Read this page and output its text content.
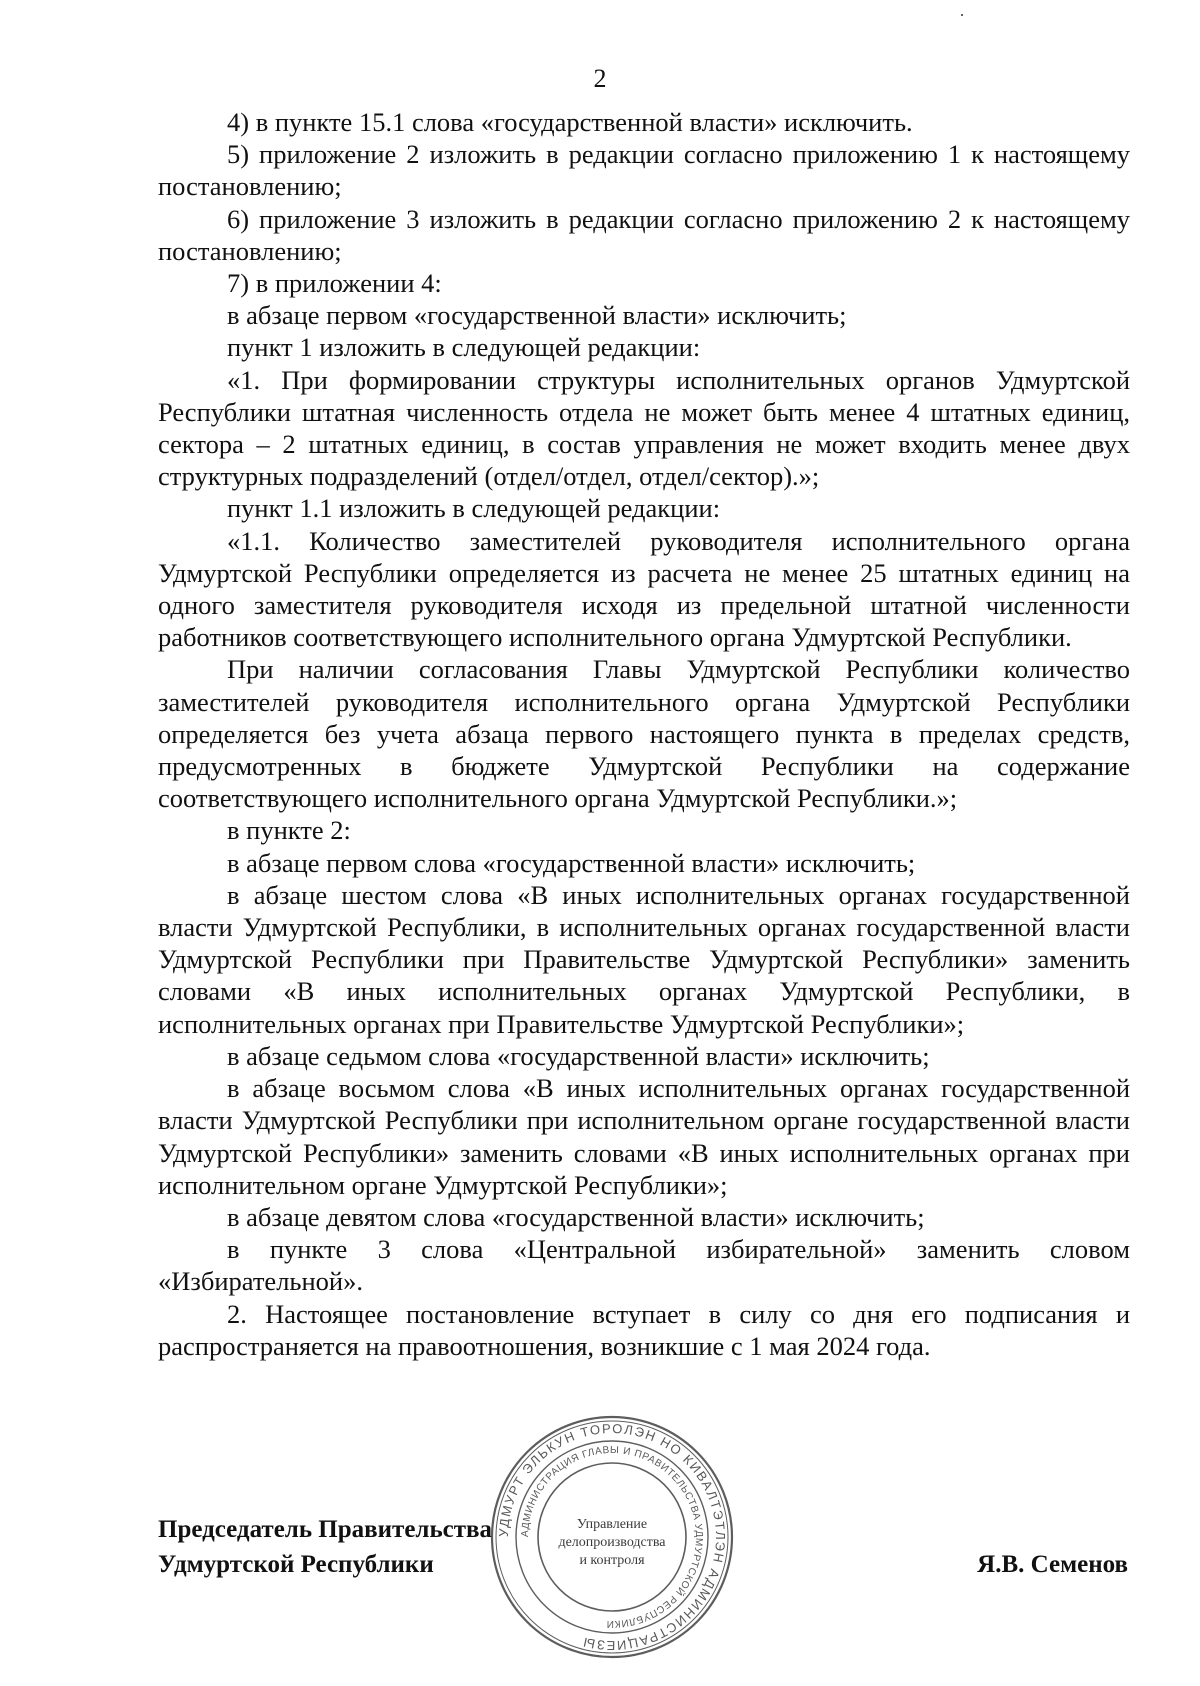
2

4) в пункте 15.1 слова «государственной власти» исключить.

5) приложение 2 изложить в редакции согласно приложению 1 к настоящему постановлению;

6) приложение 3 изложить в редакции согласно приложению 2 к настоящему постановлению;

7) в приложении 4:

в абзаце первом «государственной власти» исключить;

пункт 1 изложить в следующей редакции:

«1. При формировании структуры исполнительных органов Удмуртской Республики штатная численность отдела не может быть менее 4 штатных единиц, сектора – 2 штатных единиц, в состав управления не может входить менее двух структурных подразделений (отдел/отдел, отдел/сектор).»;

пункт 1.1 изложить в следующей редакции:

«1.1. Количество заместителей руководителя исполнительного органа Удмуртской Республики определяется из расчета не менее 25 штатных единиц на одного заместителя руководителя исходя из предельной штатной численности работников соответствующего исполнительного органа Удмуртской Республики.

При наличии согласования Главы Удмуртской Республики количество заместителей руководителя исполнительного органа Удмуртской Республики определяется без учета абзаца первого настоящего пункта в пределах средств, предусмотренных в бюджете Удмуртской Республики на содержание соответствующего исполнительного органа Удмуртской Республики.»;

в пункте 2:

в абзаце первом слова «государственной власти» исключить;

в абзаце шестом слова «В иных исполнительных органах государственной власти Удмуртской Республики, в исполнительных органах государственной власти Удмуртской Республики при Правительстве Удмуртской Республики» заменить словами «В иных исполнительных органах Удмуртской Республики, в исполнительных органах при Правительстве Удмуртской Республики»;

в абзаце седьмом слова «государственной власти» исключить;

в абзаце восьмом слова «В иных исполнительных органах государственной власти Удмуртской Республики при исполнительном органе государственной власти Удмуртской Республики» заменить словами «В иных исполнительных органах при исполнительном органе Удмуртской Республики»;

в абзаце девятом слова «государственной власти» исключить;

в пункте 3 слова «Центральной избирательной» заменить словом «Избирательной».

2. Настоящее постановление вступает в силу со дня его подписания и распространяется на правоотношения, возникшие с 1 мая 2024 года.

Председатель Правительства
Удмуртской Республики	Я.В. Семенов
УДМУРТ ЭЛЬКУН ТОРОЛЭН НО КИВАЛТЭТЛЭН АДМИНИСТРАЦИЕЗЫ
АДМИНИСТРАЦИЯ ГЛАВЫ И ПРАВИТЕЛЬСТВА УДМУРТСКОЙ РЕСПУБЛИКИ
Управление
делопроизводства
и контроля
